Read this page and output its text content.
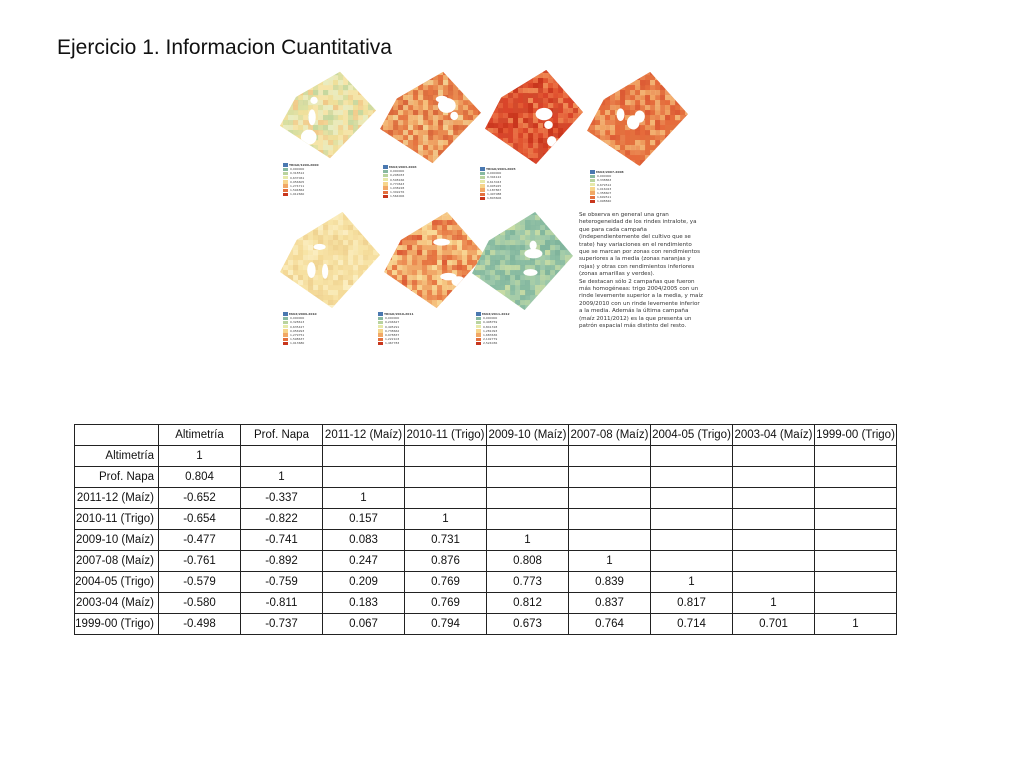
Ejercicio 1. Informacion Cuantitativa
TRIGO/1999-2000
0,000000
0,318512
0,637061
0,956605
1,274711
1,594862
1,912660
MAIZ/2003-2004
0,000000
0,208033
0,508166
0,770643
1,038228
1,349276
1,564006
TRIGO/2004-2005
0,000000
0,304122
0,613043
0,905925
1,187867
1,497088
1,803606
MAIZ/2007-2008
0,000000
0,338863
0,679512
1,016023
1,358607
1,699511
1,998840
MAIZ/2009-2010
0,000000
0,328613
0,635427
0,956993
1,279751
1,598637
1,913680
TRIGO/2010-2011
0,000000
0,246627
0,495291
0,738662
0,978837
1,222103
1,467783
MAIZ/2011-2012
0,000000
0,408759
0,841318
1,281093
1,683636
2,102779
2,524036

Se observa en general una gran heterogeneidad de los rindes intralote, ya que para cada campaña (independientemente del cultivo que se trate) hay variaciones en el rendimiento que se marcan por zonas con rendimientos superiores a la media (zonas naranjas y rojas) y otras con rendimientos inferiores (zonas amarillas y verdes).

Se destacan sólo 2 campañas que fueron más homogéneas: trigo 2004/2005 con un rinde levemente superior a la media, y maíz 2009/2010 con un rinde levemente inferior a la media. Además la última campaña (maíz 2011/2012) es la que presenta un patrón espacial más distinto del resto.

	Altimetría	Prof. Napa	2011-12 (Maíz)	2010-11 (Trigo)	2009-10 (Maíz)	2007-08 (Maíz)	2004-05 (Trigo)	2003-04 (Maíz)	1999-00 (Trigo)
Altimetría	1								
Prof. Napa	0.804	1							
2011-12 (Maíz)	-0.652	-0.337	1						
2010-11 (Trigo)	-0.654	-0.822	0.157	1					
2009-10 (Maíz)	-0.477	-0.741	0.083	0.731	1				
2007-08 (Maíz)	-0.761	-0.892	0.247	0.876	0.808	1			
2004-05 (Trigo)	-0.579	-0.759	0.209	0.769	0.773	0.839	1		
2003-04 (Maíz)	-0.580	-0.811	0.183	0.769	0.812	0.837	0.817	1	
1999-00 (Trigo)	-0.498	-0.737	0.067	0.794	0.673	0.764	0.714	0.701	1
